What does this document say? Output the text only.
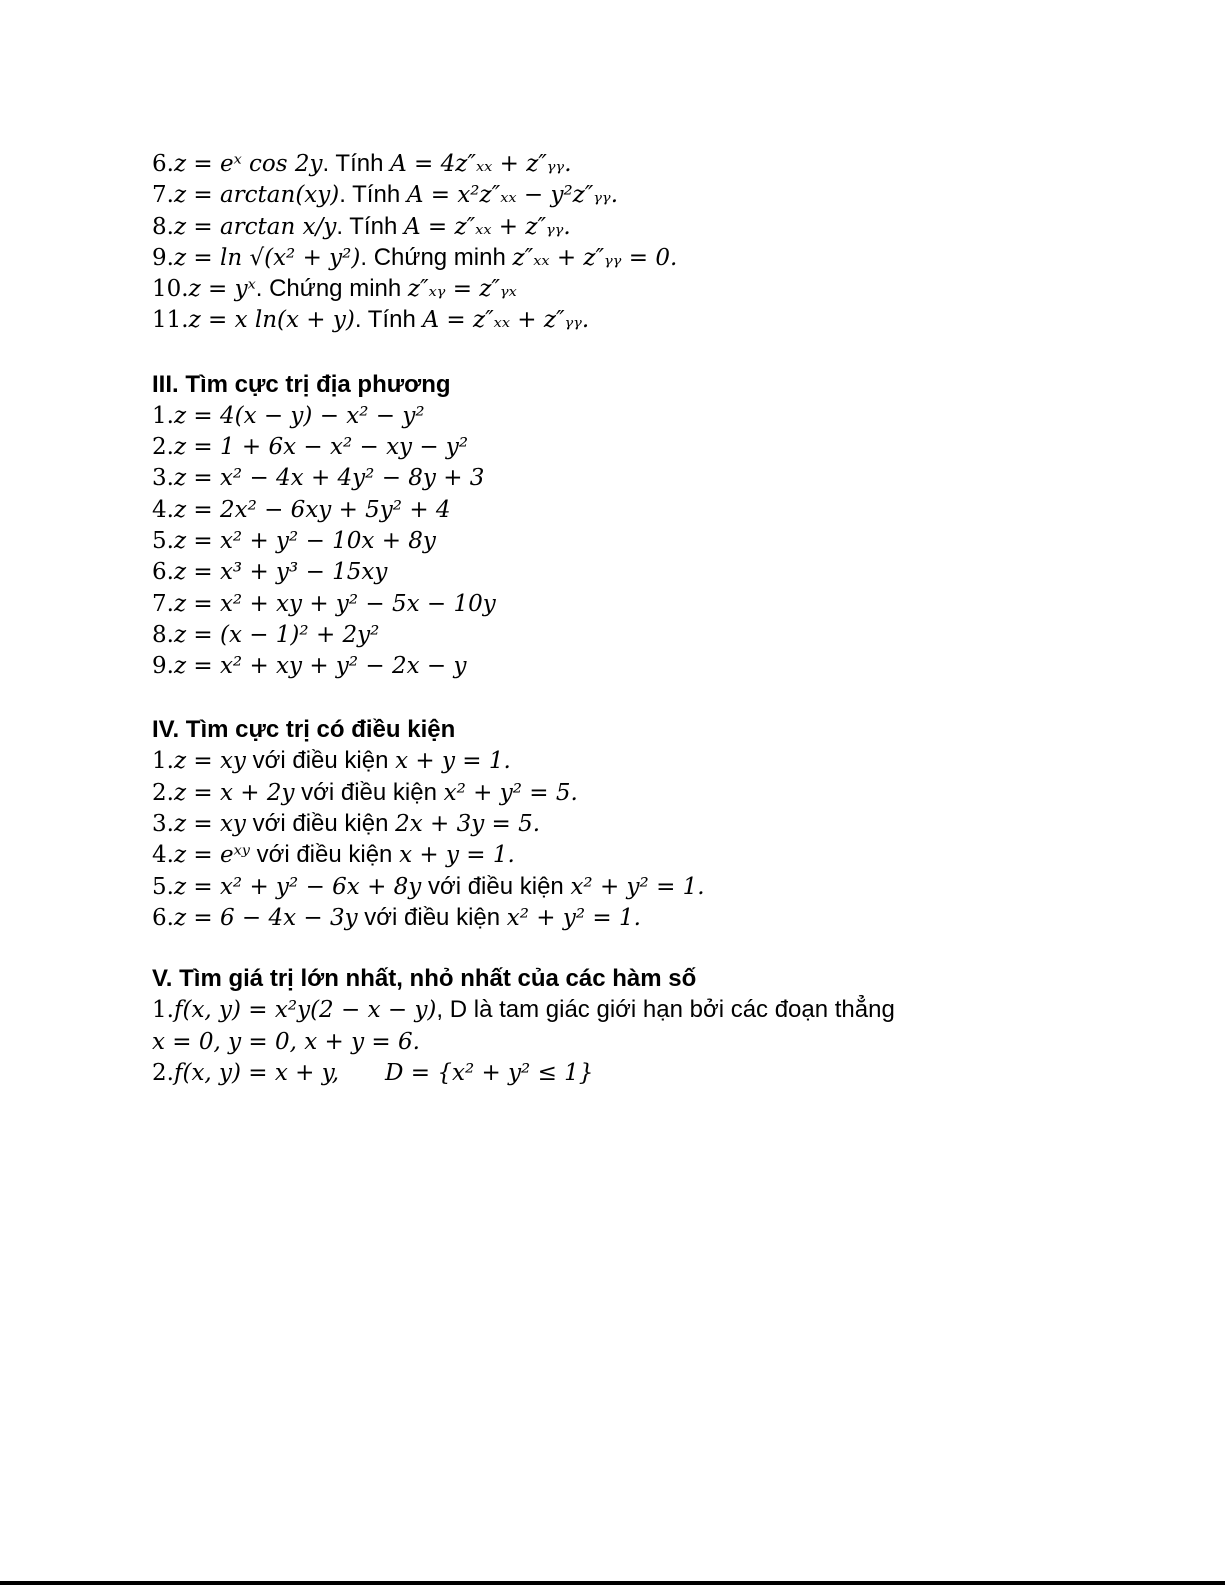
6.z = eˣ cos 2y. Tính A = 4z″ₓₓ + z″ᵧᵧ.
7.z = arctan(xy). Tính A = x²z″ₓₓ − y²z″ᵧᵧ.
8.z = arctan x/y. Tính A = z″ₓₓ + z″ᵧᵧ.
9.z = ln √(x² + y²). Chứng minh z″ₓₓ + z″ᵧᵧ = 0.
10.z = yˣ. Chứng minh z″ₓᵧ = z″ᵧₓ
11.z = x ln(x + y). Tính A = z″ₓₓ + z″ᵧᵧ.
III. Tìm cực trị địa phương
1.z = 4(x − y) − x² − y²
2.z = 1 + 6x − x² − xy − y²
3.z = x² − 4x + 4y² − 8y + 3
4.z = 2x² − 6xy + 5y² + 4
5.z = x² + y² − 10x + 8y
6.z = x³ + y³ − 15xy
7.z = x² + xy + y² − 5x − 10y
8.z = (x − 1)² + 2y²
9.z = x² + xy + y² − 2x − y
IV. Tìm cực trị có điều kiện
1.z = xy với điều kiện x + y = 1.
2.z = x + 2y với điều kiện x² + y² = 5.
3.z = xy với điều kiện 2x + 3y = 5.
4.z = eˣʸ với điều kiện x + y = 1.
5.z = x² + y² − 6x + 8y với điều kiện x² + y² = 1.
6.z = 6 − 4x − 3y với điều kiện x² + y² = 1.
V. Tìm giá trị lớn nhất, nhỏ nhất của các hàm số
1.f(x, y) = x²y(2 − x − y), D là tam giác giới hạn bởi các đoạn thẳng
x = 0, y = 0, x + y = 6.
2.f(x, y) = x + y, D = {x² + y² ≤ 1}
